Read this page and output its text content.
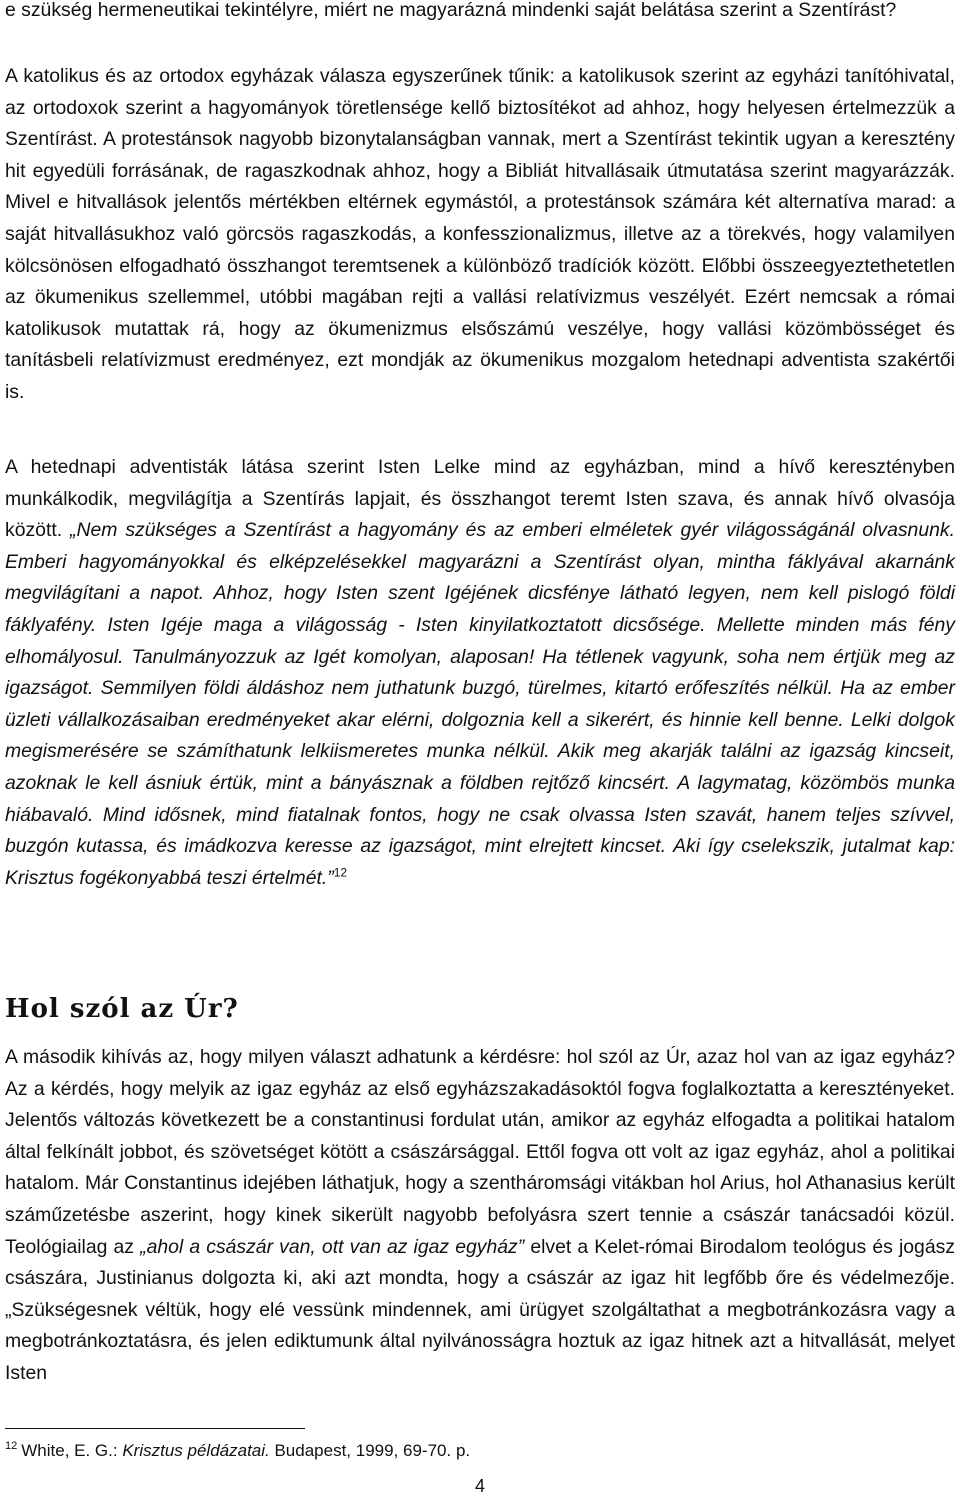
e szükség hermeneutikai tekintélyre, miért ne magyarázná mindenki saját belátása szerint a Szentírást?

A katolikus és az ortodox egyházak válasza egyszerűnek tűnik: a katolikusok szerint az egyházi tanítóhivatal, az ortodoxok szerint a hagyományok töretlensége kellő biztosítékot ad ahhoz, hogy helyesen értelmezzük a Szentírást. A protestánsok nagyobb bizonytalanságban vannak, mert a Szentírást tekintik ugyan a keresztény hit egyedüli forrásának, de ragaszkodnak ahhoz, hogy a Bibliát hitvallásaik útmutatása szerint magyarázzák. Mivel e hitvallások jelentős mértékben eltérnek egymástól, a protestánsok számára két alternatíva marad: a saját hitvallásukhoz való görcsös ragaszkodás, a konfesszionalizmus, illetve az a törekvés, hogy valamilyen kölcsönösen elfogadható összhangot teremtsenek a különböző tradíciók között. Előbbi összeegyeztethetetlen az ökumenikus szellemmel, utóbbi magában rejti a vallási relatívizmus veszélyét. Ezért nemcsak a római katolikusok mutattak rá, hogy az ökumenizmus elsőszámú veszélye, hogy vallási közömbösséget és tanításbeli relatívizmust eredményez, ezt mondják az ökumenikus mozgalom hetednapi adventista szakértői is.

A hetednapi adventisták látása szerint Isten Lelke mind az egyházban, mind a hívő keresztényben munkálkodik, megvilágítja a Szentírás lapjait, és összhangot teremt Isten szava, és annak hívő olvasója között. „Nem szükséges a Szentírást a hagyomány és az emberi elméletek gyér világosságánál olvasnunk. Emberi hagyományokkal és elképzelésekkel magyarázni a Szentírást olyan, mintha fáklyával akarnánk megvilágítani a napot. Ahhoz, hogy Isten szent Igéjének dicsfénye látható legyen, nem kell pislogó földi fáklyafény. Isten Igéje maga a világosság - Isten kinyilatkoztatott dicsősége. Mellette minden más fény elhomályosul. Tanulmányozzuk az Igét komolyan, alaposan! Ha tétlenek vagyunk, soha nem értjük meg az igazságot. Semmilyen földi áldáshoz nem juthatunk buzgó, türelmes, kitartó erőfeszítés nélkül. Ha az ember üzleti vállalkozásaiban eredményeket akar elérni, dolgoznia kell a sikerért, és hinnie kell benne. Lelki dolgok megismerésére se számíthatunk lelkiismeretes munka nélkül. Akik meg akarják találni az igazság kincseit, azoknak le kell ásniuk értük, mint a bányásznak a földben rejtőző kincsért. A lagymatag, közömbös munka hiábavaló. Mind idősnek, mind fiatalnak fontos, hogy ne csak olvassa Isten szavát, hanem teljes szívvel, buzgón kutassa, és imádkozva keresse az igazságot, mint elrejtett kincset. Aki így cselekszik, jutalmat kap: Krisztus fogékonyabbá teszi értelmét.”$^{12}$

Hol szól az Úr?

A második kihívás az, hogy milyen választ adhatunk a kérdésre: hol szól az Úr, azaz hol van az igaz egyház? Az a kérdés, hogy melyik az igaz egyház az első egyházszakadásoktól fogva foglalkoztatta a keresztényeket. Jelentős változás következett be a constantinusi fordulat után, amikor az egyház elfogadta a politikai hatalom által felkínált jobbot, és szövetséget kötött a császársággal. Ettől fogva ott volt az igaz egyház, ahol a politikai hatalom. Már Constantinus idejében láthatjuk, hogy a szentháromsági vitákban hol Arius, hol Athanasius került száműzetésbe aszerint, hogy kinek sikerült nagyobb befolyásra szert tennie a császár tanácsadói közül. Teológiailag az „ahol a császár van, ott van az igaz egyház” elvet a Kelet-római Birodalom teológus és jogász császára, Justinianus dolgozta ki, aki azt mondta, hogy a császár az igaz hit legfőbb őre és védelmezője. „Szükségesnek véltük, hogy elé vessünk mindennek, ami ürügyet szolgáltathat a megbotránkozásra vagy a megbotránkoztatásra, és jelen ediktumunk által nyilvánosságra hoztuk az igaz hitnek azt a hitvallását, melyet Isten

$^{12}$ White, E. G.: Krisztus példázatai. Budapest, 1999, 69-70. p.
4
